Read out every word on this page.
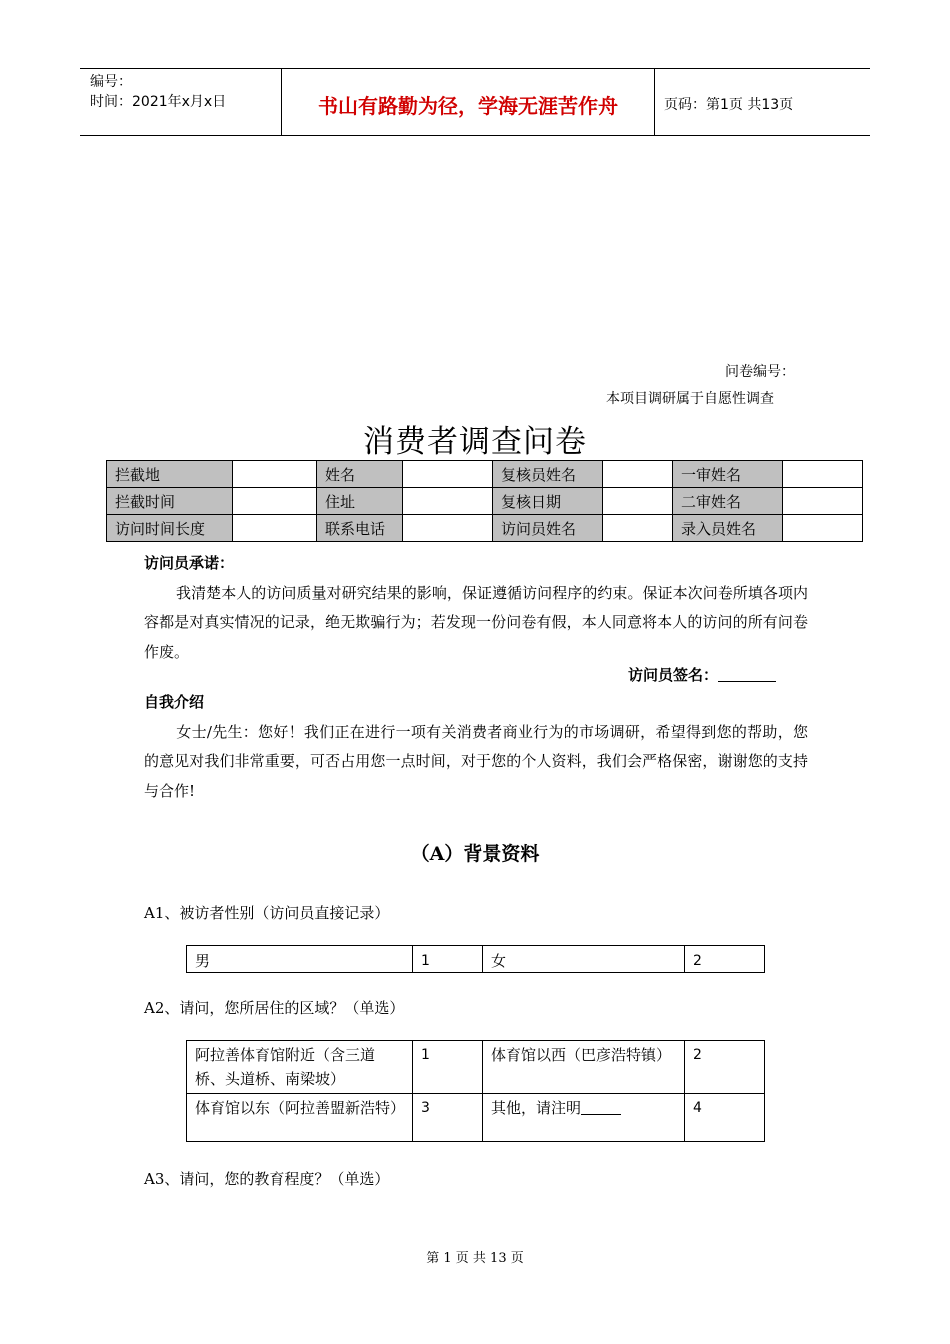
编号：
时间：2021年x月x日	书山有路勤为径，学海无涯苦作舟	页码：第1页 共13页
问卷编号：
本项目调研属于自愿性调查
消费者调查问卷
拦截地		姓名		复核员姓名		一审姓名	
拦截时间		住址		复核日期		二审姓名	
访问时间长度		联系电话		访问员姓名		录入员姓名	
访问员承诺：
我清楚本人的访问质量对研究结果的影响，保证遵循访问程序的约束。保证本次问卷所填各项内容都是对真实情况的记录，绝无欺骗行为；若发现一份问卷有假，本人同意将本人的访问的所有问卷作废。
访问员签名：
自我介绍
女士/先生：您好！我们正在进行一项有关消费者商业行为的市场调研，希望得到您的帮助，您的意见对我们非常重要，可否占用您一点时间，对于您的个人资料，我们会严格保密，谢谢您的支持与合作!
（A）背景资料
A1、被访者性别（访问员直接记录）
男	1	女	2
A2、请问，您所居住的区域？（单选）
阿拉善体育馆附近（含三道桥、头道桥、南梁坡）	1	体育馆以西（巴彦浩特镇）	2
体育馆以东（阿拉善盟新浩特）	3	其他，请注明	4
A3、请问，您的教育程度？（单选）
第 1 页 共 13 页
